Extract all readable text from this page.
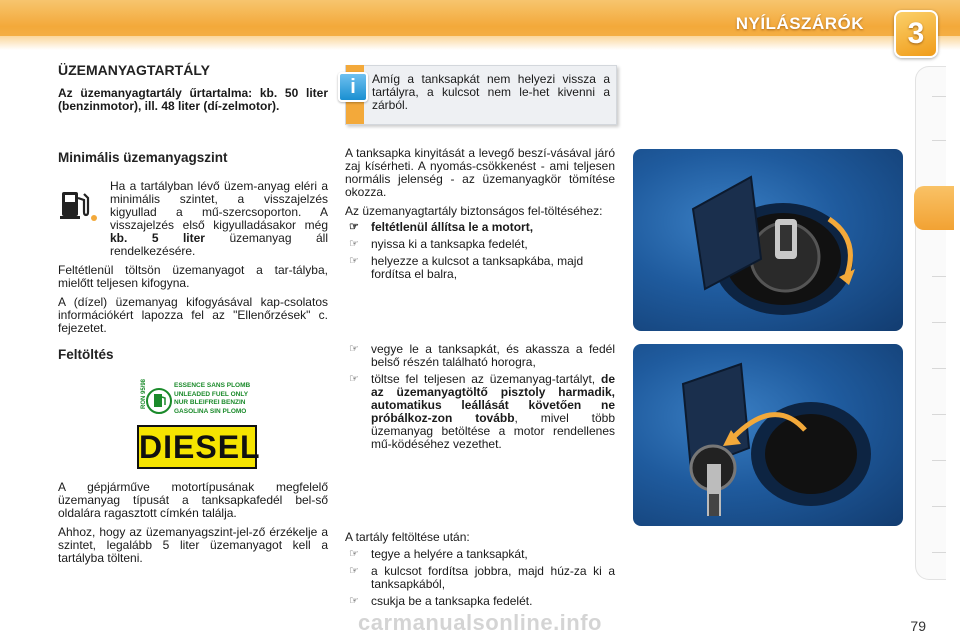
NYÍLÁSZÁRÓK	3
ÜZEMANYAGTARTÁLY
Az üzemanyagtartály űrtartalma: kb. 50 liter (benzinmotor), ill. 48 liter (dí-zelmotor).
Minimális üzemanyagszint

Ha a tartályban lévő üzem-anyag eléri a minimális szintet, a visszajelzés kigyullad a mű-szercsoporton. A visszajelzés első kigyulladásakor még kb. 5 liter üzemanyag áll rendelkezésére.

Feltétlenül töltsön üzemanyagot a tar-tályba, mielőtt teljesen kifogyna.

A (dízel) üzemanyag kifogyásával kap-csolatos információkért lapozza fel az "Ellenőrzések" c. fejezetet.

Feltöltés
RON 95/98	ESSENCE SANS PLOMB
UNLEADED FUEL ONLY
NUR BLEIFREI BENZIN
GASOLINA SIN PLOMO
DIESEL

A gépjárműve motortípusának megfelelő üzemanyag típusát a tanksapkafedél bel-ső oldalára ragasztott címkén találja.

Ahhoz, hogy az üzemanyagszint-jel-ző érzékelje a szintet, legalább 5 liter üzemanyagot kell a tartályba tölteni.

i	Amíg a tanksapkát nem helyezi vissza a tartályra, a kulcsot nem le-het kivenni a zárból.

A tanksapka kinyitását a levegő beszí-vásával járó zaj kísérheti. A nyomás-csökkenést - ami teljesen normális jelenség - az üzemanyagkör tömítése okozza.

Az üzemanyagtartály biztonságos fel-töltéséhez:

☞ feltétlenül állítsa le a motort,
☞ nyissa ki a tanksapka fedelét,
☞ helyezze a kulcsot a tanksapkába, majd fordítsa el balra,
☞ vegye le a tanksapkát, és akassza a fedél belső részén található horogra,
☞ töltse fel teljesen az üzemanyag-tartályt, de az üzemanyagtöltő pisztoly harmadik, automatikus leállását követően ne próbálkoz-zon tovább, mivel több üzemanyag betöltése a motor rendellenes mű-ködéséhez vezethet.

A tartály feltöltése után:

☞ tegye a helyére a tanksapkát,
☞ a kulcsot fordítsa jobbra, majd húz-za ki a tanksapkából,
☞ csukja be a tanksapka fedelét.
79
carmanualsonline.info
